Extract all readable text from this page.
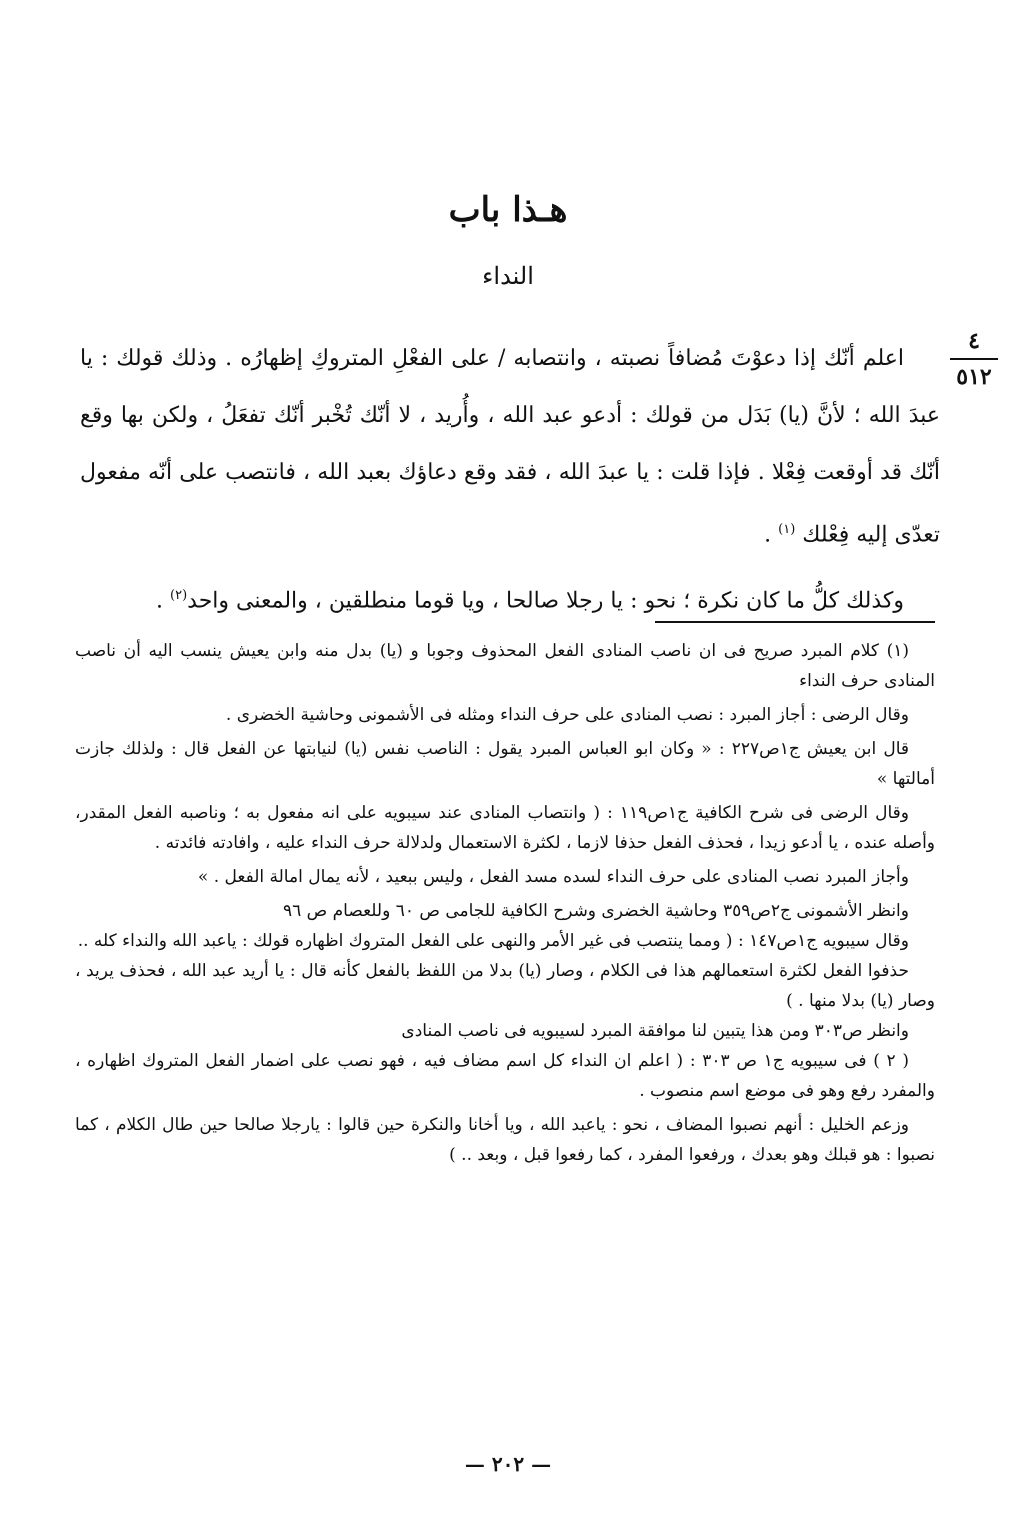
هـذا باب
النداء
٤
٥١٢

اعلم أنّك إذا دعوْتَ مُضافاً نصبته ، وانتصابه / على الفعْلِ المتروكِ إظهارُه . وذلك قولك : يا عبدَ الله ؛ لأنَّ (يا) بَدَل من قولك : أدعو عبد الله ، وأُريد ، لا أنّك تُخْبر أنّك تفعَلُ ، ولكن بها وقع أنّك قد أوقعت فِعْلا . فإذا قلت : يا عبدَ الله ، فقد وقع دعاؤك بعبد الله ، فانتصب على أنّه مفعول تعدّى إليه فِعْلك $^{(١)}$ .

وكذلك كلُّ ما كان نكرة ؛ نحو : يا رجلا صالحا ، ويا قوما منطلقين ، والمعنى واحد$^{(٢)}$ .

(١) كلام المبرد صريح فى ان ناصب المنادى الفعل المحذوف وجوبا و (يا) بدل منه وابن يعيش ينسب اليه أن ناصب المنادى حرف النداء

وقال الرضى : أجاز المبرد : نصب المنادى على حرف النداء ومثله فى الأشمونى وحاشية الخضرى .

قال ابن يعيش ج١ص٢٢٧ : « وكان ابو العباس المبرد يقول : الناصب نفس (يا) لنيابتها عن الفعل قال : ولذلك جازت أمالتها »

وقال الرضى فى شرح الكافية ج١ص١١٩ : ( وانتصاب المنادى عند سيبويه على انه مفعول به ؛ وناصبه الفعل المقدر، وأصله عنده ، يا أدعو زيدا ، فحذف الفعل حذفا لازما ، لكثرة الاستعمال ولدلالة حرف النداء عليه ، وافادته فائدته .

وأجاز المبرد نصب المنادى على حرف النداء لسده مسد الفعل ، وليس ببعيد ، لأنه يمال امالة الفعل . »

وانظر الأشمونى ج٢ص٣٥٩ وحاشية الخضرى وشرح الكافية للجامى ص ٦٠ وللعصام ص ٩٦

وقال سيبويه ج١ص١٤٧ : ( ومما ينتصب فى غير الأمر والنهى على الفعل المتروك اظهاره قولك : ياعبد الله والنداء كله ..

حذفوا الفعل لكثرة استعمالهم هذا فى الكلام ، وصار (يا) بدلا من اللفظ بالفعل كأنه قال : يا أريد عبد الله ، فحذف يريد ، وصار (يا) بدلا منها . )

وانظر ص٣٠٣ ومن هذا يتبين لنا موافقة المبرد لسيبويه فى ناصب المنادى

( ٢ ) فى سيبويه ج١ ص ٣٠٣ : ( اعلم ان النداء كل اسم مضاف فيه ، فهو نصب على اضمار الفعل المتروك اظهاره ، والمفرد رفع وهو فى موضع اسم منصوب .

وزعم الخليل : أنهم نصبوا المضاف ، نحو : ياعبد الله ، ويا أخانا والنكرة حين قالوا : يارجلا صالحا حين طال الكلام ، كما نصبوا : هو قبلك وهو بعدك ، ورفعوا المفرد ، كما رفعوا قبل ، وبعد .. )

— ٢٠٢ —
